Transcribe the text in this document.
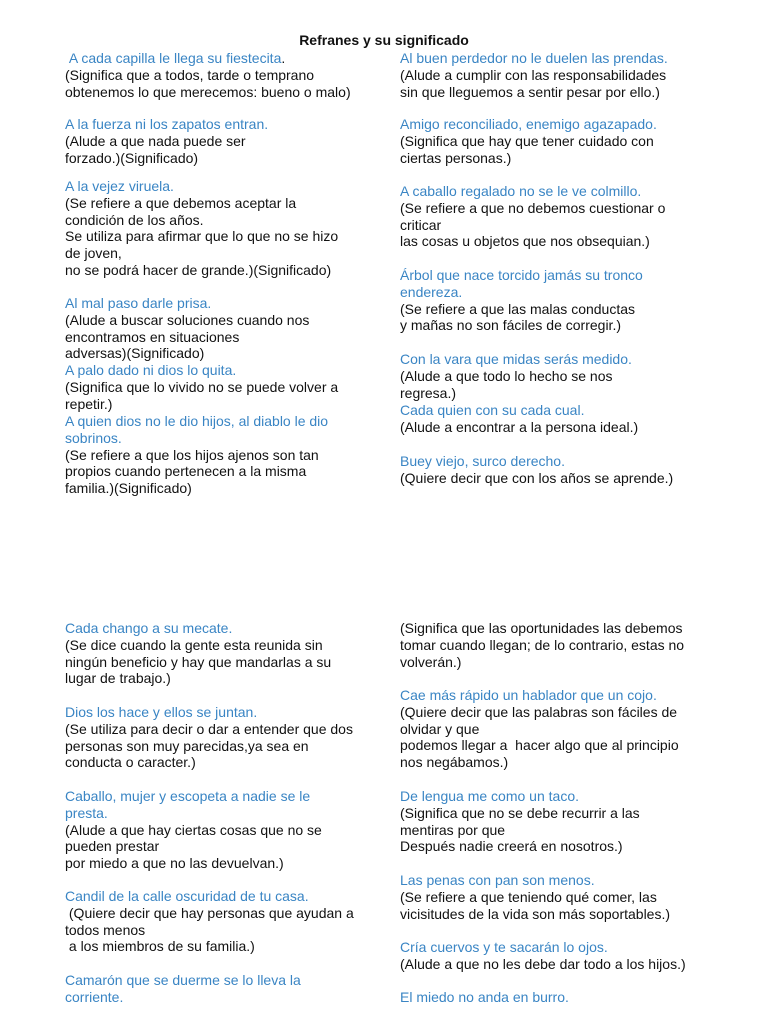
Refranes y su significado
A cada capilla le llega su fiestecita.
(Significa que a todos, tarde o temprano
obtenemos lo que merecemos: bueno o malo)
A la fuerza ni los zapatos entran.
(Alude a que nada puede ser
forzado.)(Significado)
A la vejez viruela.
(Se refiere a que debemos aceptar la
condición de los años.
Se utiliza para afirmar que lo que no se hizo
de joven,
no se podrá hacer de grande.)(Significado)
Al mal paso darle prisa.
(Alude a buscar soluciones cuando nos
encontramos en situaciones
adversas)(Significado)
A palo dado ni dios lo quita.
(Significa que lo vivido no se puede volver a
repetir.)
A quien dios no le dio hijos, al diablo le dio
sobrinos.
(Se refiere a que los hijos ajenos son tan
propios cuando pertenecen a la misma
familia.)(Significado)
Al buen perdedor no le duelen las prendas.
(Alude a cumplir con las responsabilidades
sin que lleguemos a sentir pesar por ello.)
Amigo reconciliado, enemigo agazapado.
(Significa que hay que tener cuidado con
ciertas personas.)
A caballo regalado no se le ve colmillo.
(Se refiere a que no debemos cuestionar o
criticar
las cosas u objetos que nos obsequian.)
Árbol que nace torcido jamás su tronco
endereza.
(Se refiere a que las malas conductas
y mañas no son fáciles de corregir.)
Con la vara que midas serás medido.
(Alude a que todo lo hecho se nos
regresa.)
Cada quien con su cada cual.
(Alude a encontrar a la persona ideal.)
Buey viejo, surco derecho.
(Quiere decir que con los años se aprende.)
Cada chango a su mecate.
(Se dice cuando la gente esta reunida sin
ningún beneficio y hay que mandarlas a su
lugar de trabajo.)
Dios los hace y ellos se juntan.
(Se utiliza para decir o dar a entender que dos
personas son muy parecidas,ya sea en
conducta o caracter.)
Caballo, mujer y escopeta a nadie se le
presta.
(Alude a que hay ciertas cosas que no se
pueden prestar
por miedo a que no las devuelvan.)
Candil de la calle oscuridad de tu casa.
(Quiere decir que hay personas que ayudan a
todos menos
a los miembros de su familia.)
Camarón que se duerme se lo lleva la
corriente.
(Significa que las oportunidades las debemos
tomar cuando llegan; de lo contrario, estas no
volverán.)
Cae más rápido un hablador que un cojo.
(Quiere decir que las palabras son fáciles de
olvidar y que
podemos llegar a  hacer algo que al principio
nos negábamos.)
De lengua me como un taco.
(Significa que no se debe recurrir a las
mentiras por que
Después nadie creerá en nosotros.)
Las penas con pan son menos.
(Se refiere a que teniendo qué comer, las
vicisitudes de la vida son más soportables.)
Cría cuervos y te sacarán lo ojos.
(Alude a que no les debe dar todo a los hijos.)
El miedo no anda en burro.
